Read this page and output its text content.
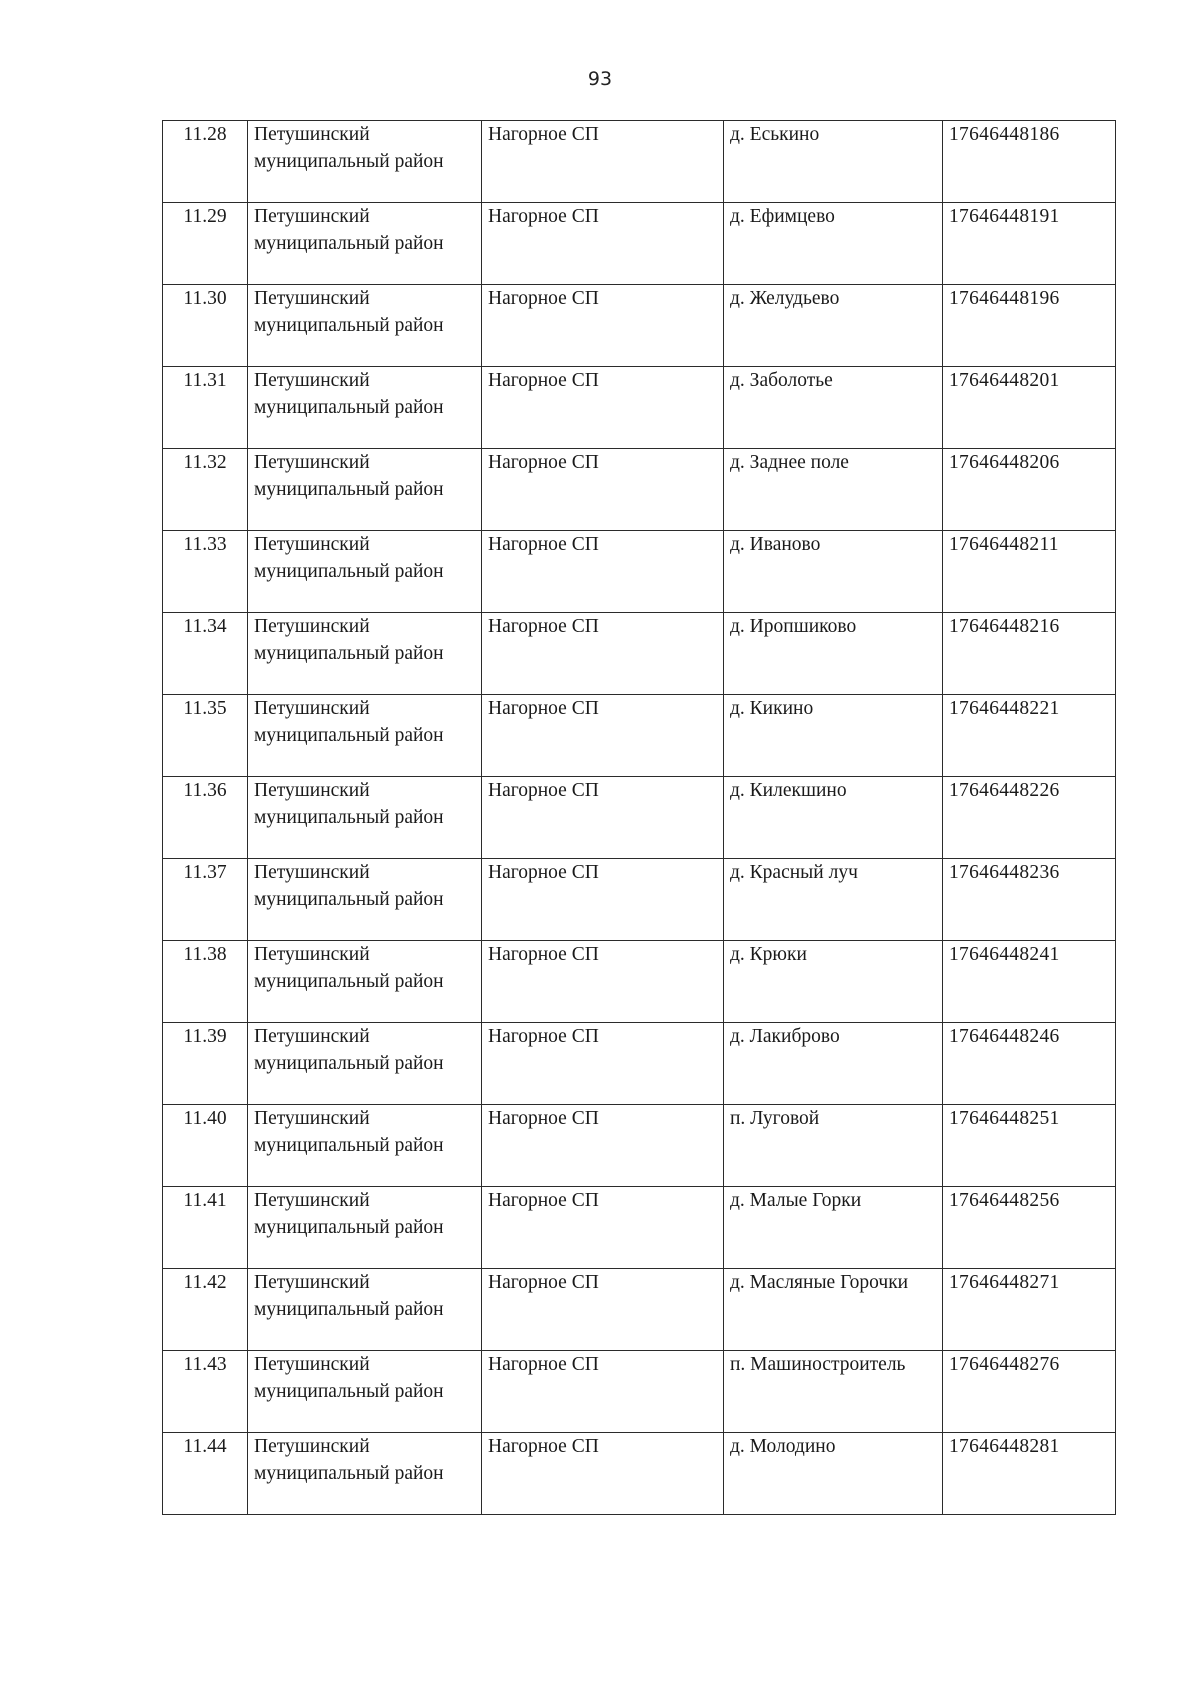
93
11.28	Петушинский муниципальный район	Нагорное СП	д. Еськино	17646448186
11.29	Петушинский муниципальный район	Нагорное СП	д. Ефимцево	17646448191
11.30	Петушинский муниципальный район	Нагорное СП	д. Желудьево	17646448196
11.31	Петушинский муниципальный район	Нагорное СП	д. Заболотье	17646448201
11.32	Петушинский муниципальный район	Нагорное СП	д. Заднее поле	17646448206
11.33	Петушинский муниципальный район	Нагорное СП	д. Иваново	17646448211
11.34	Петушинский муниципальный район	Нагорное СП	д. Иропшиково	17646448216
11.35	Петушинский муниципальный район	Нагорное СП	д. Кикино	17646448221
11.36	Петушинский муниципальный район	Нагорное СП	д. Килекшино	17646448226
11.37	Петушинский муниципальный район	Нагорное СП	д. Красный луч	17646448236
11.38	Петушинский муниципальный район	Нагорное СП	д. Крюки	17646448241
11.39	Петушинский муниципальный район	Нагорное СП	д. Лакиброво	17646448246
11.40	Петушинский муниципальный район	Нагорное СП	п. Луговой	17646448251
11.41	Петушинский муниципальный район	Нагорное СП	д. Малые Горки	17646448256
11.42	Петушинский муниципальный район	Нагорное СП	д. Масляные Горочки	17646448271
11.43	Петушинский муниципальный район	Нагорное СП	п. Машиностроитель	17646448276
11.44	Петушинский муниципальный район	Нагорное СП	д. Молодино	17646448281
